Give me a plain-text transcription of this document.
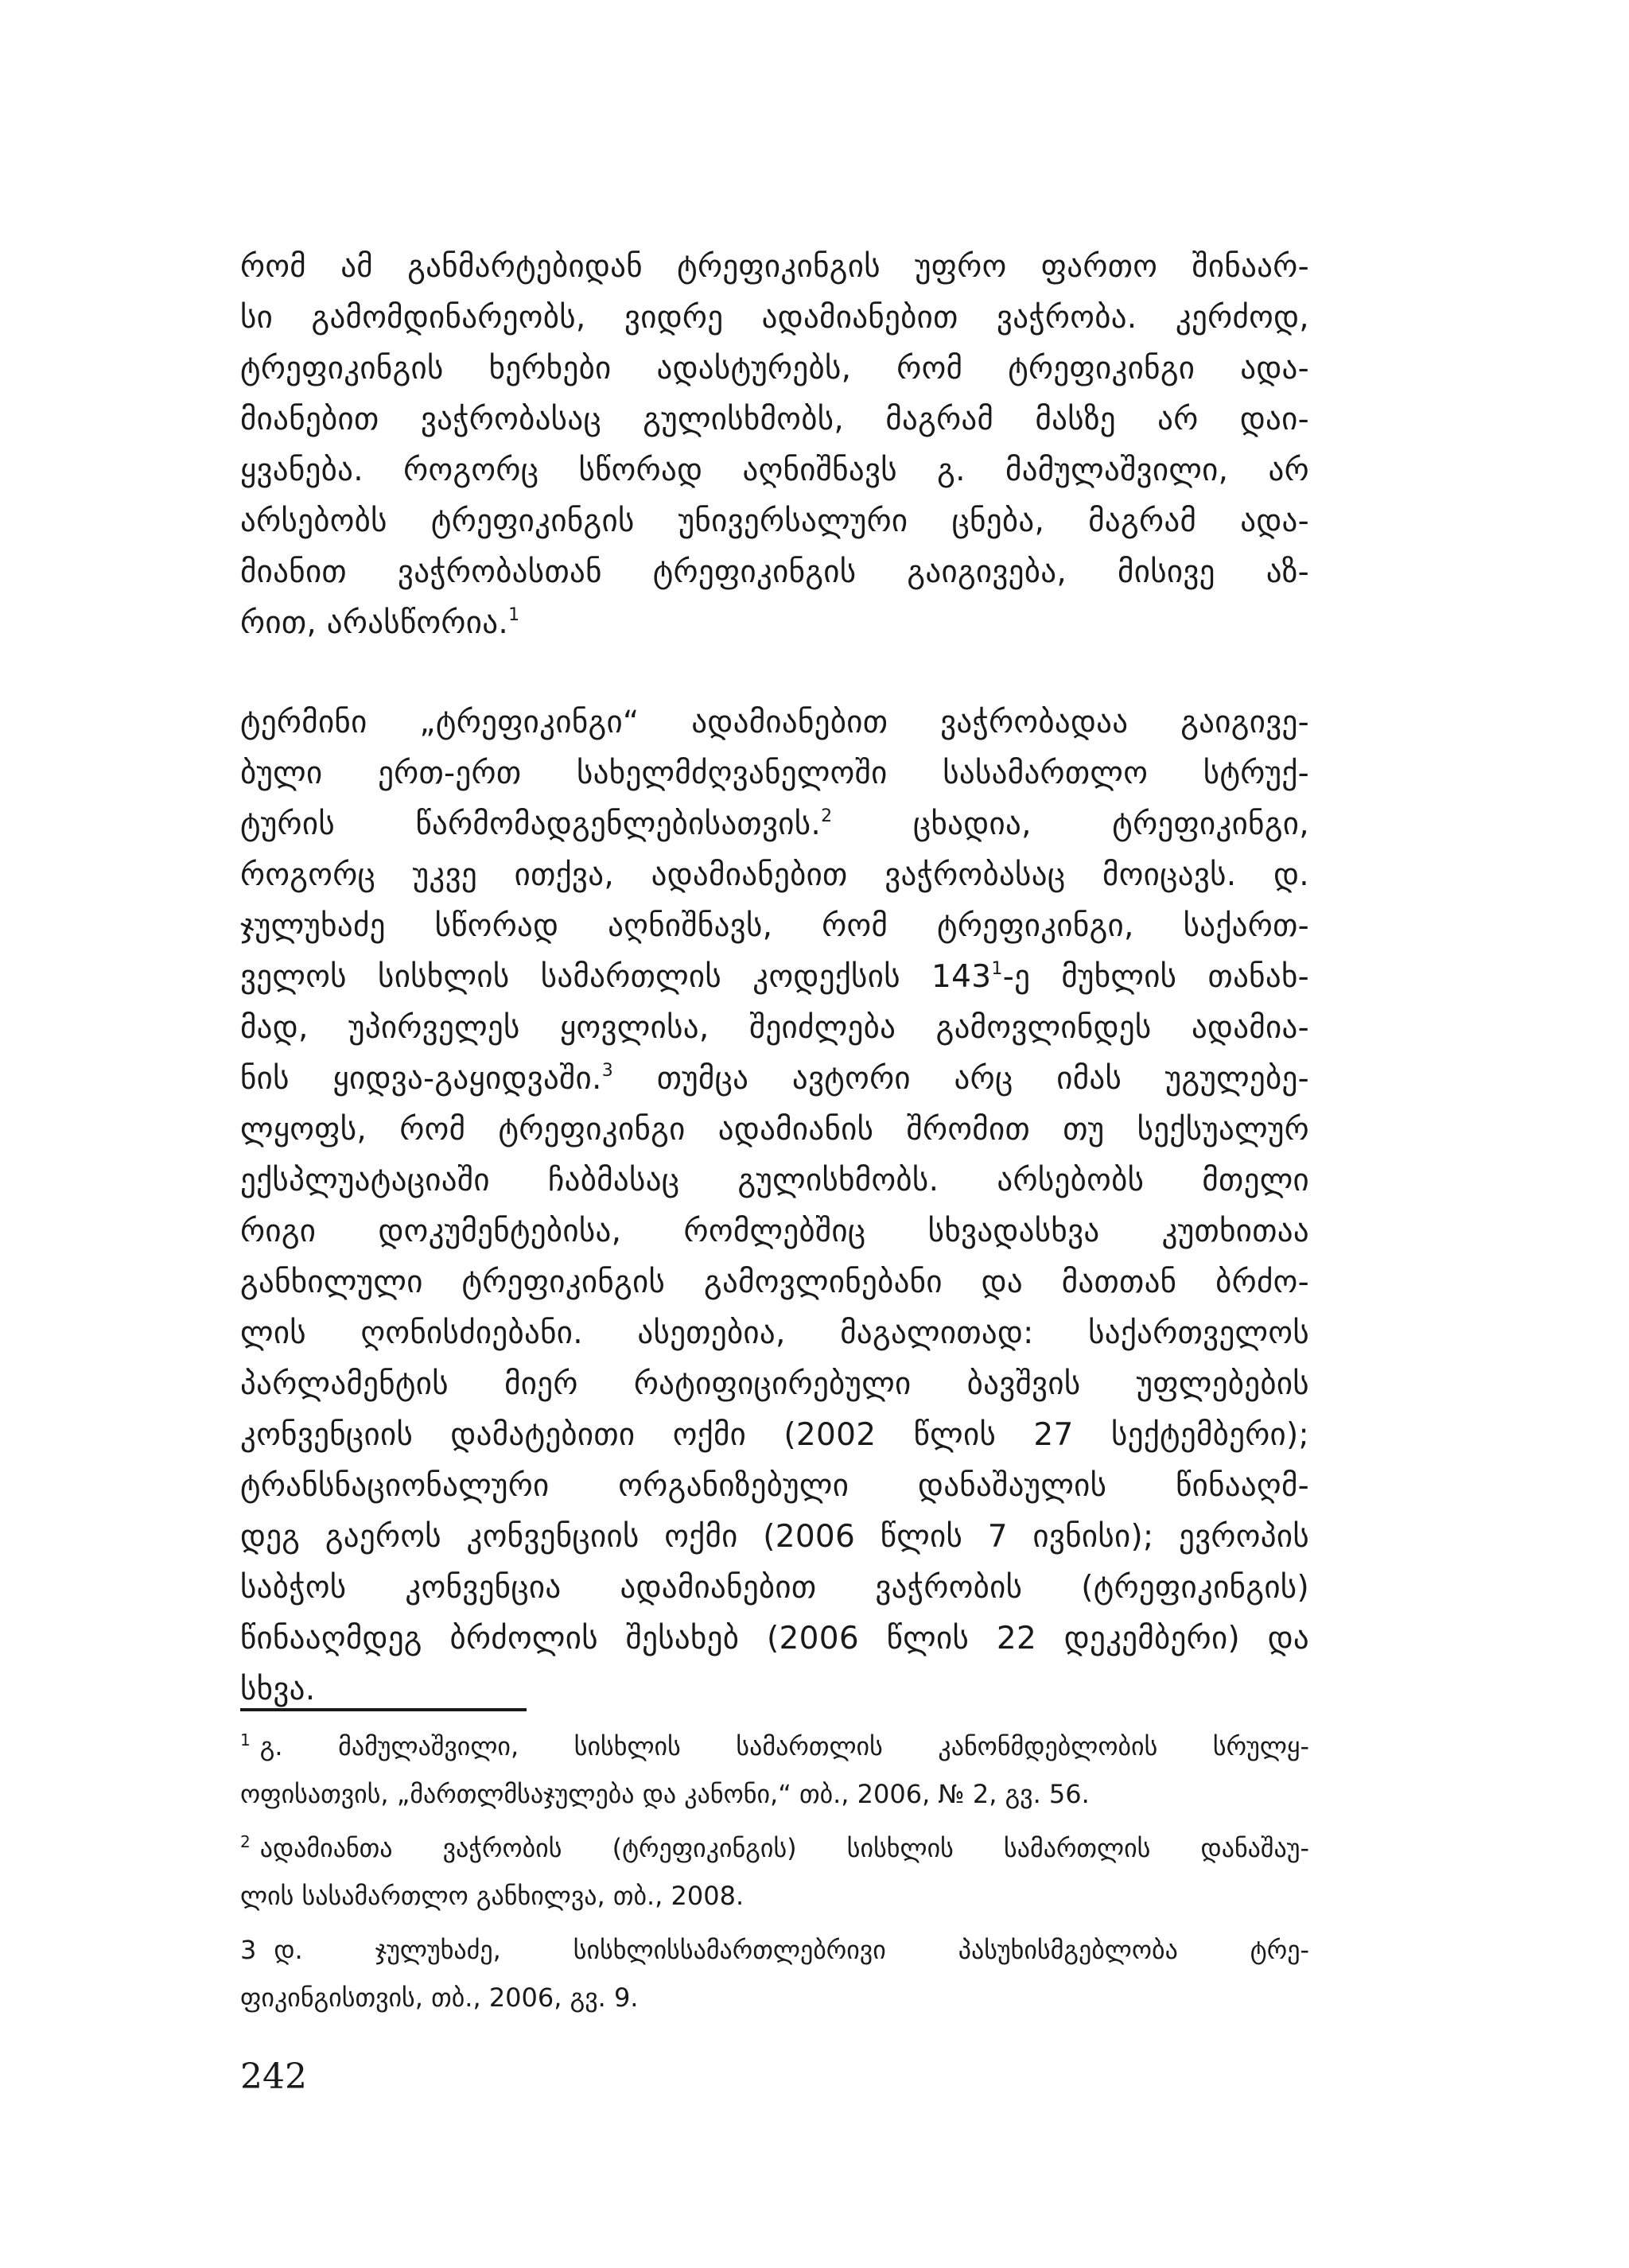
რომ ამ განმარტებიდან ტრეფიკინგის უფრო ფართო შინაარ-
სი გამომდინარეობს, ვიდრე ადამიანებით ვაჭრობა. კერძოდ,
ტრეფიკინგის ხერხები ადასტურებს, რომ ტრეფიკინგი ადა-
მიანებით ვაჭრობასაც გულისხმობს, მაგრამ მასზე არ დაი-
ყვანება. როგორც სწორად აღნიშნავს გ. მამულაშვილი, არ
არსებობს ტრეფიკინგის უნივერსალური ცნება, მაგრამ ადა-
მიანით ვაჭრობასთან ტრეფიკინგის გაიგივება, მისივე აზ-
რით, არასწორია.$^1$
ტერმინი „ტრეფიკინგი“ ადამიანებით ვაჭრობადაა გაიგივე-
ბული ერთ-ერთ სახელმძღვანელოში სასამართლო სტრუქ-
ტურის წარმომადგენლებისათვის.$^2$ ცხადია, ტრეფიკინგი,
როგორც უკვე ითქვა, ადამიანებით ვაჭრობასაც მოიცავს. დ.
ჯულუხაძე სწორად აღნიშნავს, რომ ტრეფიკინგი, საქართ-
ველოს სისხლის სამართლის კოდექსის $143^1-ე$ მუხლის თანახ-
მად, უპირველეს ყოვლისა, შეიძლება გამოვლინდეს ადამია-
ნის ყიდვა-გაყიდვაში.$^3$ თუმცა ავტორი არც იმას უგულებე-
ლყოფს, რომ ტრეფიკინგი ადამიანის შრომით თუ სექსუალურ
ექსპლუატაციაში ჩაბმასაც გულისხმობს. არსებობს მთელი
რიგი დოკუმენტებისა, რომლებშიც სხვადასხვა კუთხითაა
განხილული ტრეფიკინგის გამოვლინებანი და მათთან ბრძო-
ლის ღონისძიებანი. ასეთებია, მაგალითად: საქართველოს
პარლამენტის მიერ რატიფიცირებული ბავშვის უფლებების
კონვენციის დამატებითი ოქმი (2002 წლის 27 სექტემბერი);
ტრანსნაციონალური ორგანიზებული დანაშაულის წინააღმ-
დეგ გაეროს კონვენციის ოქმი (2006 წლის 7 ივნისი); ევროპის
საბჭოს კონვენცია ადამიანებით ვაჭრობის (ტრეფიკინგის)
წინააღმდეგ ბრძოლის შესახებ (2006 წლის 22 დეკემბერი) და
სხვა.
$^1$ გ. მამულაშვილი, სისხლის სამართლის კანონმდებლობის სრულყ-
ოფისათვის, „მართლმსაჯულება და კანონი,“ თბ., 2006, № 2, გვ. 56.
$^2$ ადამიანთა ვაჭრობის (ტრეფიკინგის) სისხლის სამართლის დანაშაუ-
ლის სასამართლო განხილვა, თბ., 2008.
3 დ. ჯულუხაძე, სისხლისსამართლებრივი პასუხისმგებლობა ტრე-
ფიკინგისთვის, თბ., 2006, გვ. 9.
242
